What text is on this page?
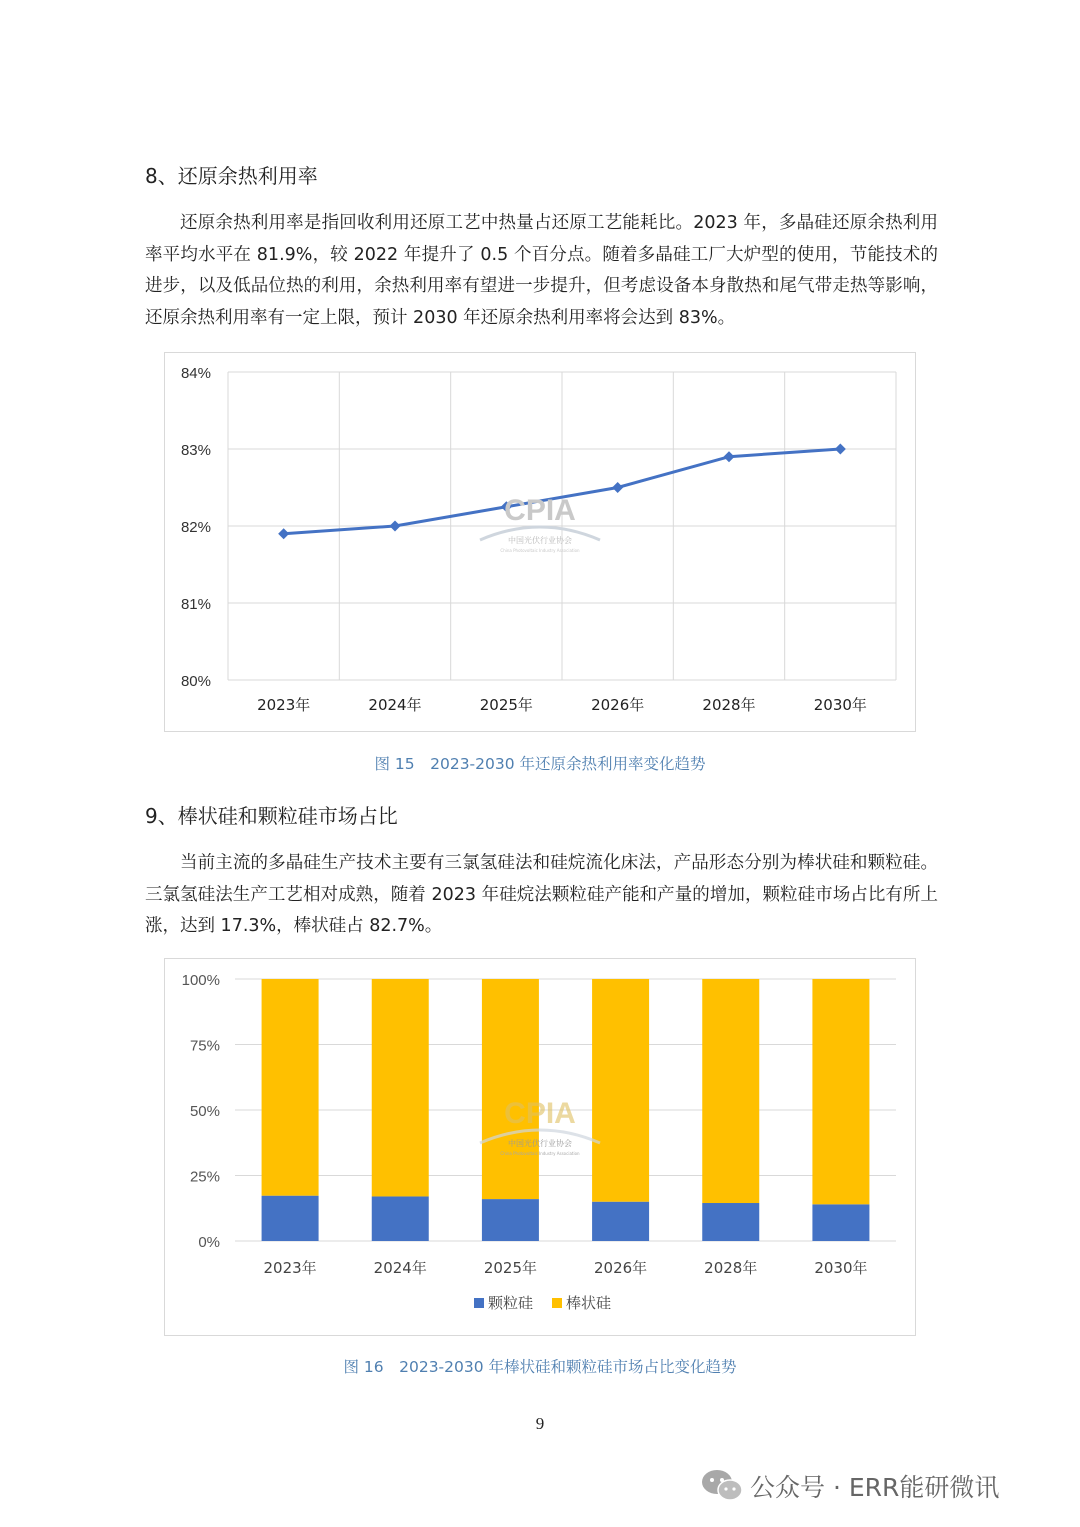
8、还原余热利用率

还原余热利用率是指回收利用还原工艺中热量占还原工艺能耗比。2023 年，多晶硅还原余热利用率平均水平在 81.9%，较 2022 年提升了 0.5 个百分点。随着多晶硅工厂大炉型的使用，节能技术的进步，以及低品位热的利用，余热利用率有望进一步提升，但考虑设备本身散热和尾气带走热等影响，还原余热利用率有一定上限，预计 2030 年还原余热利用率将会达到 83%。

80%
81%
82%
83%
84%
2023年	2024年	2025年	2026年	2028年	2030年
CPIA
中国光伏行业协会
China Photovoltaic Industry Association
图 15　2023-2030 年还原余热利用率变化趋势
9、棒状硅和颗粒硅市场占比

当前主流的多晶硅生产技术主要有三氯氢硅法和硅烷流化床法，产品形态分别为棒状硅和颗粒硅。三氯氢硅法生产工艺相对成熟，随着 2023 年硅烷法颗粒硅产能和产量的增加，颗粒硅市场占比有所上涨，达到 17.3%，棒状硅占 82.7%。

0%
25%
50%
75%
100%
2023年	2024年	2025年	2026年	2028年	2030年
颗粒硅 棒状硅
CPIA
中国光伏行业协会
China Photovoltaic Industry Association
图 16　2023-2030 年棒状硅和颗粒硅市场占比变化趋势
9
公众号 · ERR能研微讯
